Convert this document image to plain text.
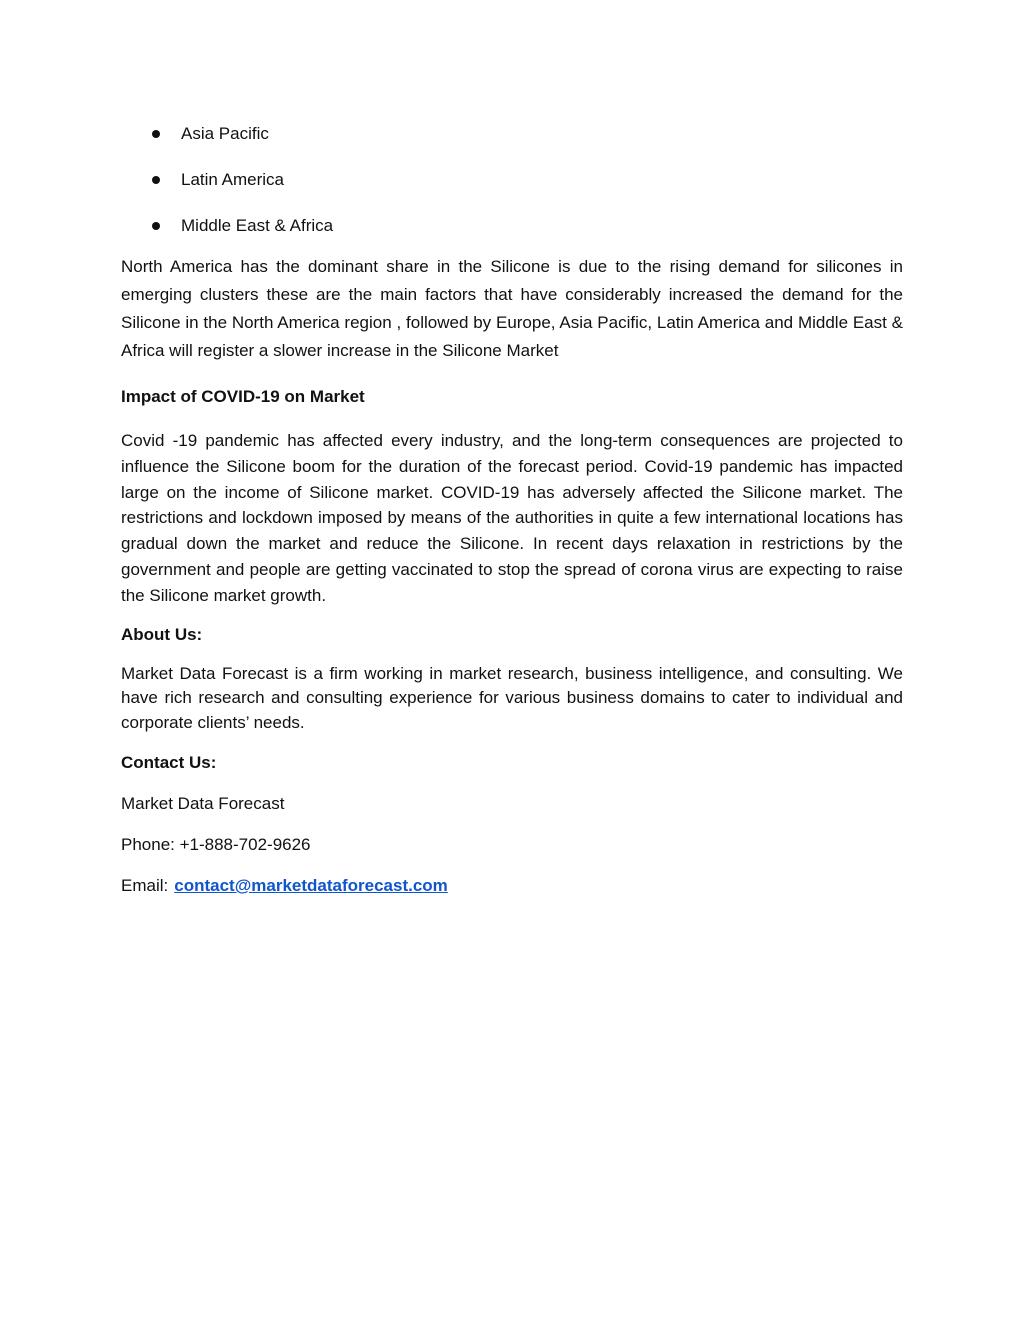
Asia Pacific
Latin America
Middle East & Africa

North America has the dominant share in the Silicone is due to the rising demand for silicones in emerging clusters these are the main factors that have considerably increased the demand for the Silicone in the North America region , followed by Europe, Asia Pacific, Latin America and Middle East & Africa will register a slower increase in the Silicone Market

Impact of COVID-19 on Market

Covid -19 pandemic has affected every industry, and the long-term consequences are projected to influence the Silicone boom for the duration of the forecast period. Covid-19 pandemic has impacted large on the income of Silicone market. COVID-19 has adversely affected the Silicone market. The restrictions and lockdown imposed by means of the authorities in quite a few international locations has gradual down the market and reduce the Silicone. In recent days relaxation in restrictions by the government and people are getting vaccinated to stop the spread of corona virus are expecting to raise the Silicone market growth.

About Us:

Market Data Forecast is a firm working in market research, business intelligence, and consulting. We have rich research and consulting experience for various business domains to cater to individual and corporate clients’ needs.

Contact Us:
Market Data Forecast
Phone: +1-888-702-9626
Email: contact@marketdataforecast.com
